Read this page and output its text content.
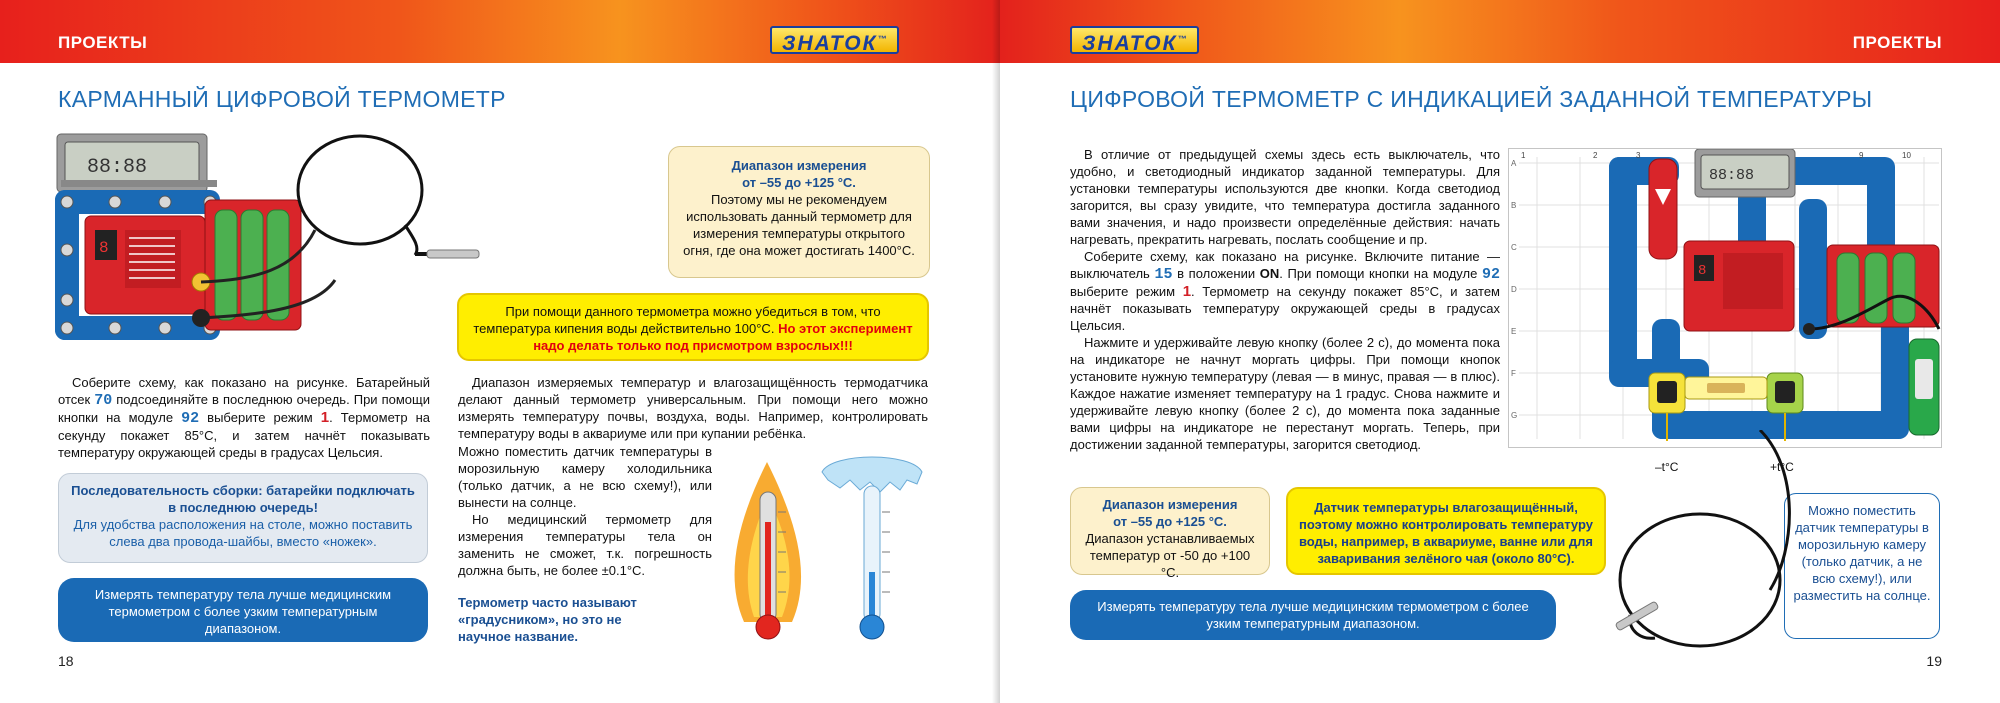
ПРОЕКТЫ	ЗНАТОК™
КАРМАННЫЙ ЦИФРОВОЙ ТЕРМОМЕТР
88:88
8
Диапазон измерения
от –55 до +125 °С.
Поэтому мы не рекомендуем использовать данный термометр для измерения температуры открытого огня, где она может достигать 1400°С.
При помощи данного термометра можно убедиться в том, что температура кипения воды действительно 100°С. Но этот эксперимент надо делать только под присмотром взрослых!!!

Соберите схему, как показано на рисунке. Батарейный отсек 70 подсоединяйте в последнюю очередь. При помощи кнопки на модуле 92 выберите режим 1. Термометр на секунду покажет 85°C, и затем начнёт показывать температуру окружающей среды в градусах Цельсия.

Последовательность сборки: батарейки подключать в последнюю очередь!
Для удобства расположения на столе, можно поставить слева два провода-шайбы, вместо «ножек».
Измерять температуру тела лучше медицинским термометром с более узким температурным диапазоном.

Диапазон измеряемых температур и влагозащищённость термодатчика делают данный термометр универсальным. При помощи него можно измерять температуру почвы, воздуха, воды. Например, контролировать температуру воды в аквариуме или при купании ребёнка.

Можно поместить датчик температуры в морозильную камеру холодильника (только датчик, а не всю схему!), или вынести на солнце.

Но медицинский термометр для измерения температуры тела он заменить не сможет, т.к. погрешность должна быть, не более ±0.1°С.

Термометр часто называют «градусником», но это не научное название.
18
ЗНАТОК™	ПРОЕКТЫ
ЦИФРОВОЙ ТЕРМОМЕТР С ИНДИКАЦИЕЙ ЗАДАННОЙ ТЕМПЕРАТУРЫ

В отличие от предыдущей схемы здесь есть выключатель, что удобно, и светодиодный индикатор заданной температуры. Для установки температуры используются две кнопки. Когда светодиод загорится, вы сразу увидите, что температура достигла заданного вами значения, и надо произвести определённые действия: начать нагревать, прекратить нагревать, послать сообщение и пр.

Соберите схему, как показано на рисунке. Включите питание — выключатель 15 в положении ON. При помощи кнопки на модуле 92 выберите режим 1. Термометр на секунду покажет 85°C, и затем начнёт показывать температуру окружающей среды в градусах Цельсия.

Нажмите и удерживайте левую кнопку (более 2 с), до момента пока на индикаторе не начнут моргать цифры. При помощи кнопок установите нужную температуру (левая — в минус, правая — в плюс). Каждое нажатие изменяет температуру на 1 градус. Снова нажмите и удерживайте левую кнопку (более 2 с), до момента пока заданные вами цифры на индикаторе не перестанут моргать. Теперь, при достижении заданной температуры, загорится светодиод.

88:88
8
1	2	3	9	10
A
B
C
D
E
F
G
–t°C	+t°C
Диапазон измерения
от –55 до +125 °С.
Диапазон устанавливаемых температур от -50 до +100 °С.
Датчик температуры влагозащищённый, поэтому можно контролировать температуру воды, например, в аквариуме, ванне или для заваривания зелёного чая (около 80°С).
Можно поместить датчик температуры в морозильную камеру (только датчик, а не всю схему!), или разместить на солнце.
Измерять температуру тела лучше медицинским термометром с более узким температурным диапазоном.
19
